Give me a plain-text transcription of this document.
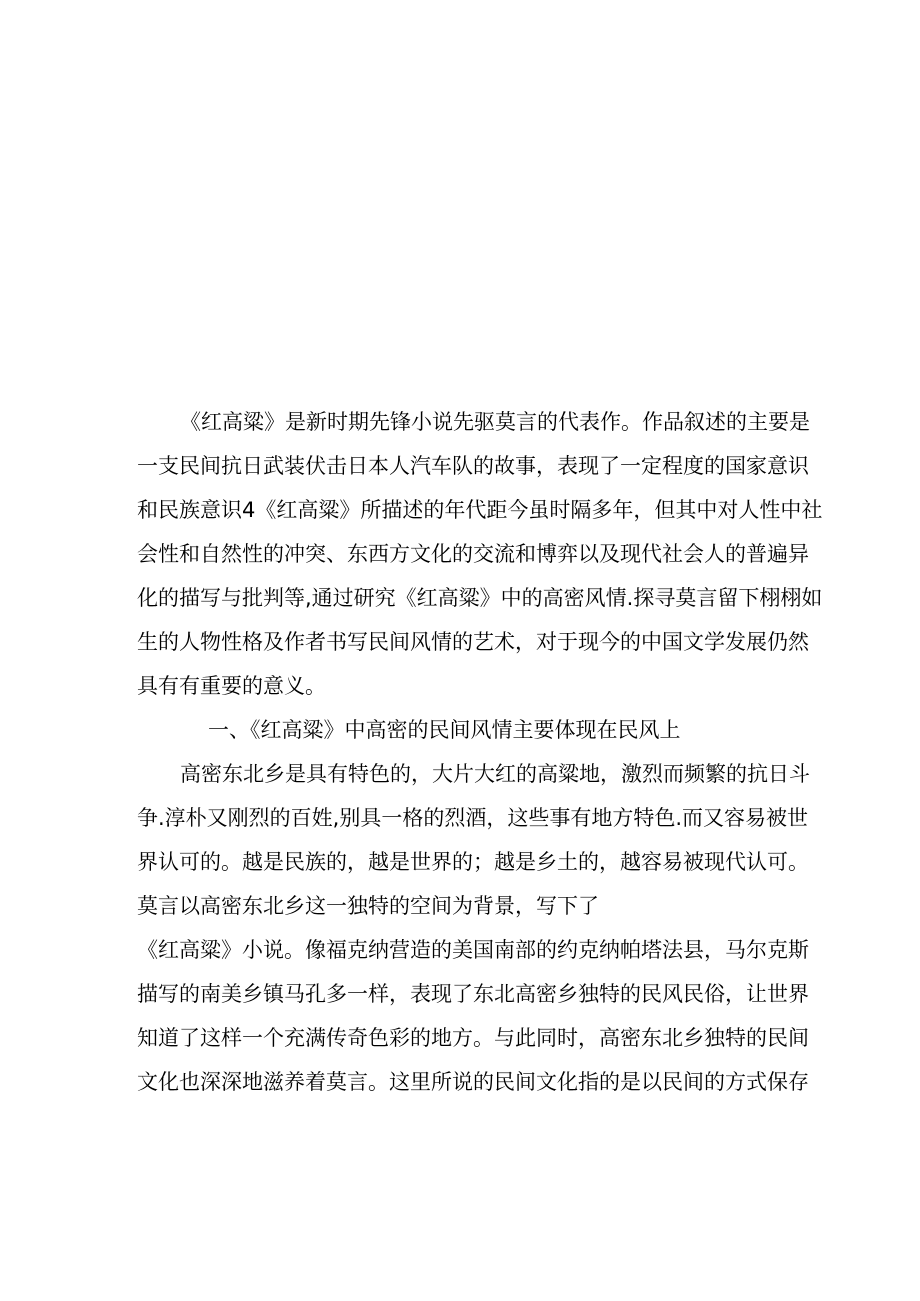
《红高粱》是新时期先锋小说先驱莫言的代表作。作品叙述的主要是
一支民间抗日武装伏击日本人汽车队的故事，表现了一定程度的国家意识
和民族意识4《红高粱》所描述的年代距今虽时隔多年，但其中对人性中社
会性和自然性的冲突、东西方文化的交流和博弈以及现代社会人的普遍异
化的描写与批判等,通过研究《红高粱》中的高密风情.探寻莫言留下栩栩如
生的人物性格及作者书写民间风情的艺术，对于现今的中国文学发展仍然
具有有重要的意义。
一、《红高粱》中高密的民间风情主要体现在民风上
高密东北乡是具有特色的，大片大红的高粱地，激烈而频繁的抗日斗
争.淳朴又刚烈的百姓,别具一格的烈酒，这些事有地方特色.而又容易被世
界认可的。越是民族的，越是世界的；越是乡土的，越容易被现代认可。
莫言以高密东北乡这一独特的空间为背景，写下了
《红高粱》小说。像福克纳营造的美国南部的约克纳帕塔法县，马尔克斯
描写的南美乡镇马孔多一样，表现了东北高密乡独特的民风民俗，让世界
知道了这样一个充满传奇色彩的地方。与此同时，高密东北乡独特的民间
文化也深深地滋养着莫言。这里所说的民间文化指的是以民间的方式保存
